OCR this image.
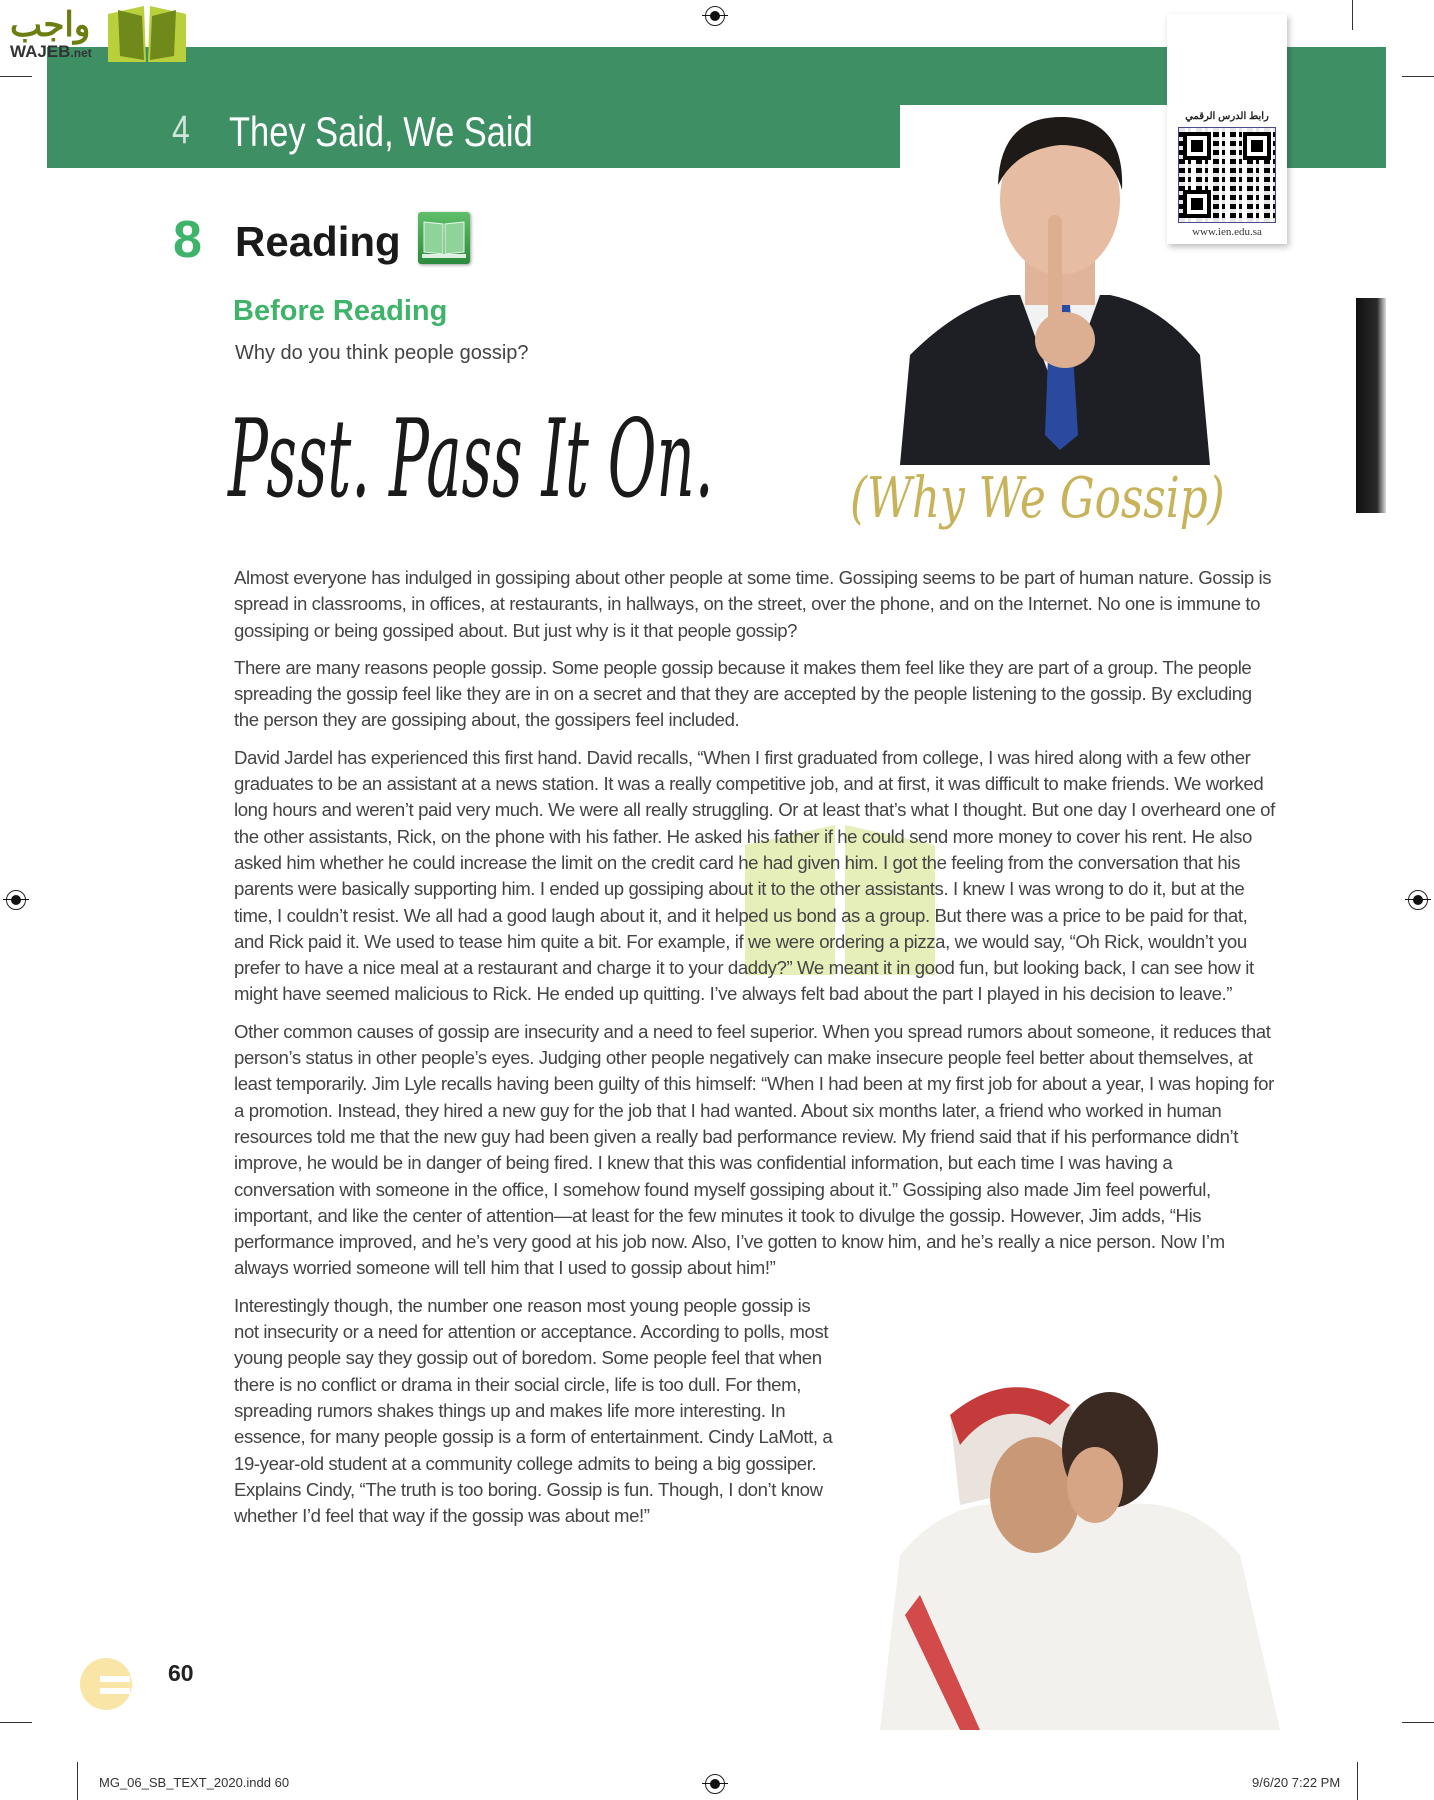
4 They Said, We Said
واجب
WAJEB.net
رابط الدرس الرقمي
www.ien.edu.sa
8 Reading
Before Reading
Why do you think people gossip?
Psst. Pass It On. (Why We Gossip)

Almost everyone has indulged in gossiping about other people at some time. Gossiping seems to be part of human nature. Gossip is spread in classrooms, in offices, at restaurants, in hallways, on the street, over the phone, and on the Internet. No one is immune to gossiping or being gossiped about. But just why is it that people gossip?

There are many reasons people gossip. Some people gossip because it makes them feel like they are part of a group. The people spreading the gossip feel like they are in on a secret and that they are accepted by the people listening to the gossip. By excluding the person they are gossiping about, the gossipers feel included.

David Jardel has experienced this first hand. David recalls, “When I first graduated from college, I was hired along with a few other graduates to be an assistant at a news station. It was a really competitive job, and at first, it was difficult to make friends. We worked long hours and weren’t paid very much. We were all really struggling. Or at least that’s what I thought. But one day I overheard one of the other assistants, Rick, on the phone with his father. He asked his father if he could send more money to cover his rent. He also asked him whether he could increase the limit on the credit card he had given him. I got the feeling from the conversation that his parents were basically supporting him. I ended up gossiping about it to the other assistants. I knew I was wrong to do it, but at the time, I couldn’t resist. We all had a good laugh about it, and it helped us bond as a group. But there was a price to be paid for that, and Rick paid it. We used to tease him quite a bit. For example, if we were ordering a pizza, we would say, “Oh Rick, wouldn’t you prefer to have a nice meal at a restaurant and charge it to your daddy?” We meant it in good fun, but looking back, I can see how it might have seemed malicious to Rick. He ended up quitting. I’ve always felt bad about the part I played in his decision to leave.”

Other common causes of gossip are insecurity and a need to feel superior. When you spread rumors about someone, it reduces that person’s status in other people’s eyes. Judging other people negatively can make insecure people feel better about themselves, at least temporarily. Jim Lyle recalls having been guilty of this himself: “When I had been at my first job for about a year, I was hoping for a promotion. Instead, they hired a new guy for the job that I had wanted. About six months later, a friend who worked in human resources told me that the new guy had been given a really bad performance review. My friend said that if his performance didn’t improve, he would be in danger of being fired. I knew that this was confidential information, but each time I was having a conversation with someone in the office, I somehow found myself gossiping about it.” Gossiping also made Jim feel powerful, important, and like the center of attention—at least for the few minutes it took to divulge the gossip. However, Jim adds, “His performance improved, and he’s very good at his job now. Also, I’ve gotten to know him, and he’s really a nice person. Now I’m always worried someone will tell him that I used to gossip about him!”

Interestingly though, the number one reason most young people gossip is not insecurity or a need for attention or acceptance. According to polls, most young people say they gossip out of boredom. Some people feel that when there is no conflict or drama in their social circle, life is too dull. For them, spreading rumors shakes things up and makes life more interesting. In essence, for many people gossip is a form of entertainment. Cindy LaMott, a 19-year-old student at a community college admits to being a big gossiper. Explains Cindy, “The truth is too boring. Gossip is fun. Though, I don’t know whether I’d feel that way if the gossip was about me!”

60
MG_06_SB_TEXT_2020.indd 60	9/6/20 7:22 PM
